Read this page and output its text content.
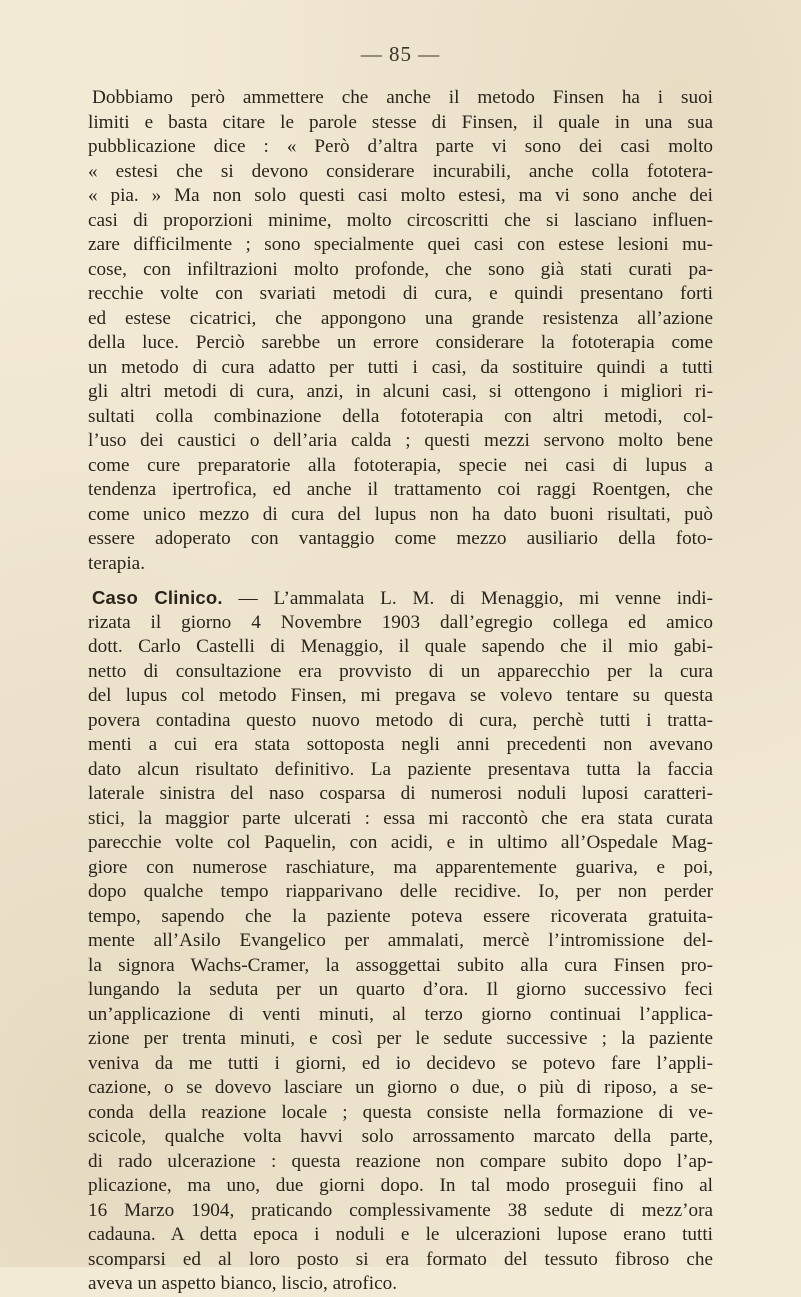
— 85 —
Dobbiamo però ammettere che anche il metodo Finsen ha i suoi
limiti e basta citare le parole stesse di Finsen, il quale in una sua
pubblicazione dice : « Però d’altra parte vi sono dei casi molto
« estesi che si devono considerare incurabili, anche colla fototera-
« pia. » Ma non solo questi casi molto estesi, ma vi sono anche dei
casi di proporzioni minime, molto circoscritti che si lasciano influen-
zare difficilmente ; sono specialmente quei casi con estese lesioni mu-
cose, con infiltrazioni molto profonde, che sono già stati curati pa-
recchie volte con svariati metodi di cura, e quindi presentano forti
ed estese cicatrici, che appongono una grande resistenza all’azione
della luce. Perciò sarebbe un errore considerare la fototerapia come
un metodo di cura adatto per tutti i casi, da sostituire quindi a tutti
gli altri metodi di cura, anzi, in alcuni casi, si ottengono i migliori ri-
sultati colla combinazione della fototerapia con altri metodi, col-
l’uso dei caustici o dell’aria calda ; questi mezzi servono molto bene
come cure preparatorie alla fototerapia, specie nei casi di lupus a
tendenza ipertrofica, ed anche il trattamento coi raggi Roentgen, che
come unico mezzo di cura del lupus non ha dato buoni risultati, può
essere adoperato con vantaggio come mezzo ausiliario della foto-
terapia.
Caso Clinico. — L’ammalata L. M. di Menaggio, mi venne indi-
rizata il giorno 4 Novembre 1903 dall’egregio collega ed amico
dott. Carlo Castelli di Menaggio, il quale sapendo che il mio gabi-
netto di consultazione era provvisto di un apparecchio per la cura
del lupus col metodo Finsen, mi pregava se volevo tentare su questa
povera contadina questo nuovo metodo di cura, perchè tutti i tratta-
menti a cui era stata sottoposta negli anni precedenti non avevano
dato alcun risultato definitivo. La paziente presentava tutta la faccia
laterale sinistra del naso cosparsa di numerosi noduli luposi caratteri-
stici, la maggior parte ulcerati : essa mi raccontò che era stata curata
parecchie volte col Paquelin, con acidi, e in ultimo all’Ospedale Mag-
giore con numerose raschiature, ma apparentemente guariva, e poi,
dopo qualche tempo riapparivano delle recidive. Io, per non perder
tempo, sapendo che la paziente poteva essere ricoverata gratuita-
mente all’Asilo Evangelico per ammalati, mercè l’intromissione del-
la signora Wachs-Cramer, la assoggettai subito alla cura Finsen pro-
lungando la seduta per un quarto d’ora. Il giorno successivo feci
un’applicazione di venti minuti, al terzo giorno continuai l’applica-
zione per trenta minuti, e così per le sedute successive ; la paziente
veniva da me tutti i giorni, ed io decidevo se potevo fare l’appli-
cazione, o se dovevo lasciare un giorno o due, o più di riposo, a se-
conda della reazione locale ; questa consiste nella formazione di ve-
scicole, qualche volta havvi solo arrossamento marcato della parte,
di rado ulcerazione : questa reazione non compare subito dopo l’ap-
plicazione, ma uno, due giorni dopo. In tal modo proseguii fino al
16 Marzo 1904, praticando complessivamente 38 sedute di mezz’ora
cadauna. A detta epoca i noduli e le ulcerazioni lupose erano tutti
scomparsi ed al loro posto si era formato del tessuto fibroso che
aveva un aspetto bianco, liscio, atrofico.
